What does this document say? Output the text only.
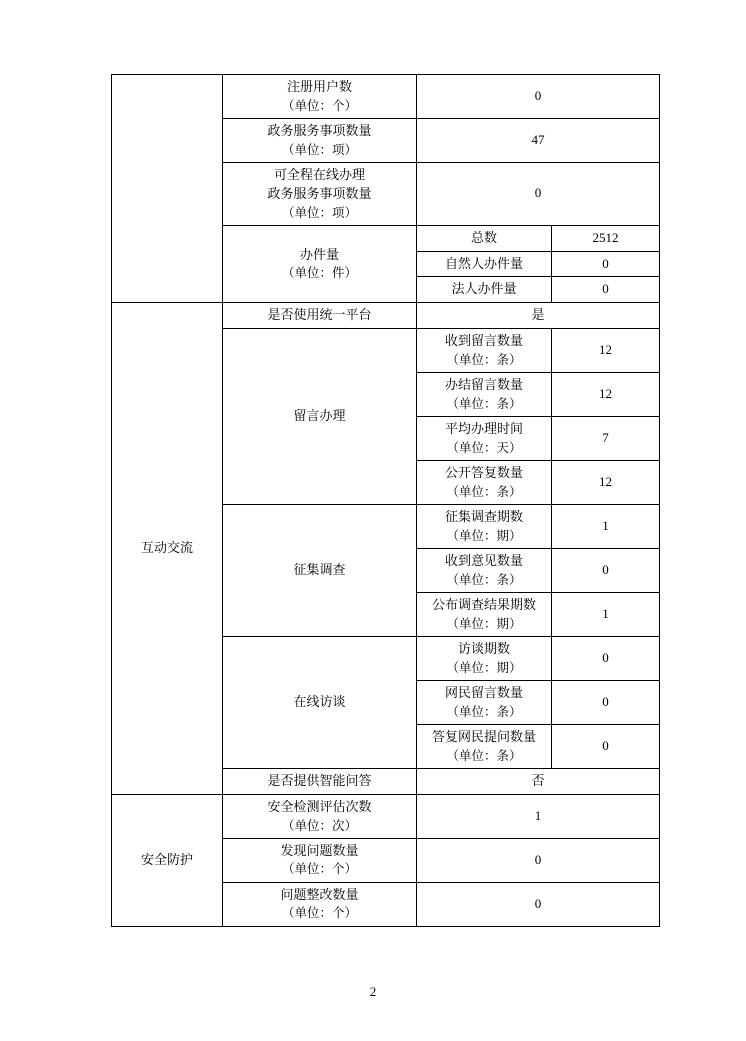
	注册用户数
（单位：个）	0	

	政务服务事项数量
（单位：项）	47	

	可全程在线办理
政务服务事项数量
（单位：项）	0	

	办件量
（单位：件）	总数	2512
		自然人办件量	0
		法人办件量	0
互动交流	是否使用统一平台	是	
	留言办理	收到留言数量
（单位：条）	12

		办结留言数量
（单位：条）	12

		平均办理时间
（单位：天）	7

		公开答复数量
（单位：条）	12
	征集调查	征集调查期数
（单位：期）	1

		收到意见数量
（单位：条）	0

		公布调查结果期数
（单位：期）	1
	在线访谈	访谈期数
（单位：期）	0

		网民留言数量
（单位：条）	0

		答复网民提问数量
（单位：条）	0
	是否提供智能问答	否	
安全防护	安全检测评估次数
（单位：次）	1	

	发现问题数量
（单位：个）	0	

	问题整改数量
（单位：个）	0	
2
